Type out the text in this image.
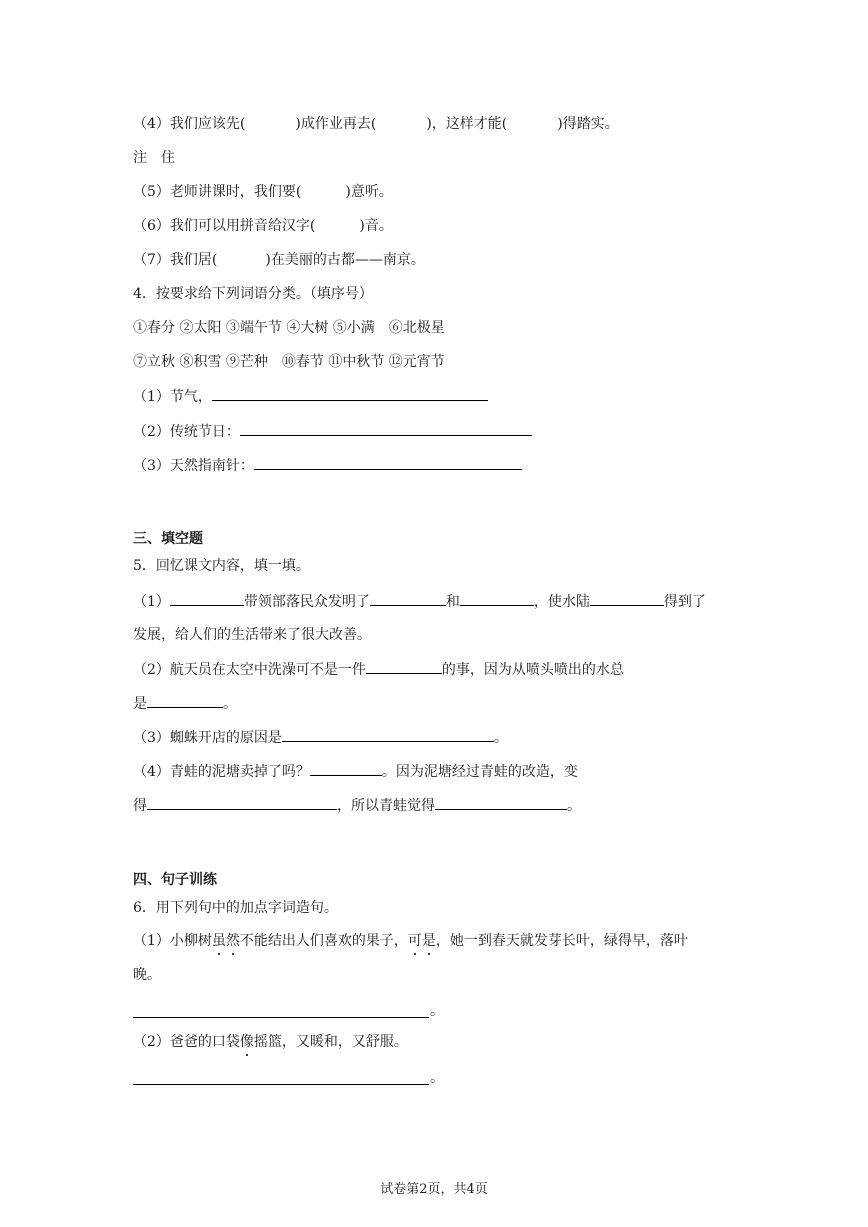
（4）我们应该先(	)成作业再去(	)，这样才能(	)得踏实。
注　住
（5）老师讲课时，我们要(	)意听。
（6）我们可以用拼音给汉字(	)音。
（7）我们居(	)在美丽的古都——南京。
4．按要求给下列词语分类。（填序号）
①春分 ②太阳 ③端午节 ④大树 ⑤小满　⑥北极星
⑦立秋 ⑧积雪 ⑨芒种　⑩春节 ⑪中秋节 ⑫元宵节
（1）节气，
（2）传统节日：
（3）天然指南针：
三、填空题
5．回忆课文内容，填一填。
（1）	带领部落民众发明了	和	，使水陆	得到了
发展，给人们的生活带来了很大改善。
（2）航天员在太空中洗澡可不是一件	的事，因为从喷头喷出的水总
是	。
（3）蜘蛛开店的原因是	。
（4）青蛙的泥塘卖掉了吗？	。因为泥塘经过青蛙的改造，变
得	，所以青蛙觉得	。
四、句子训练
6．用下列句中的加点字词造句。
（1）小柳树虽然不能结出人们喜欢的果子，可是，她一到春天就发芽长叶，绿得早，落叶
晚。
。
（2）爸爸的口袋像摇篮，又暖和，又舒服。
。
试卷第2页，共4页
